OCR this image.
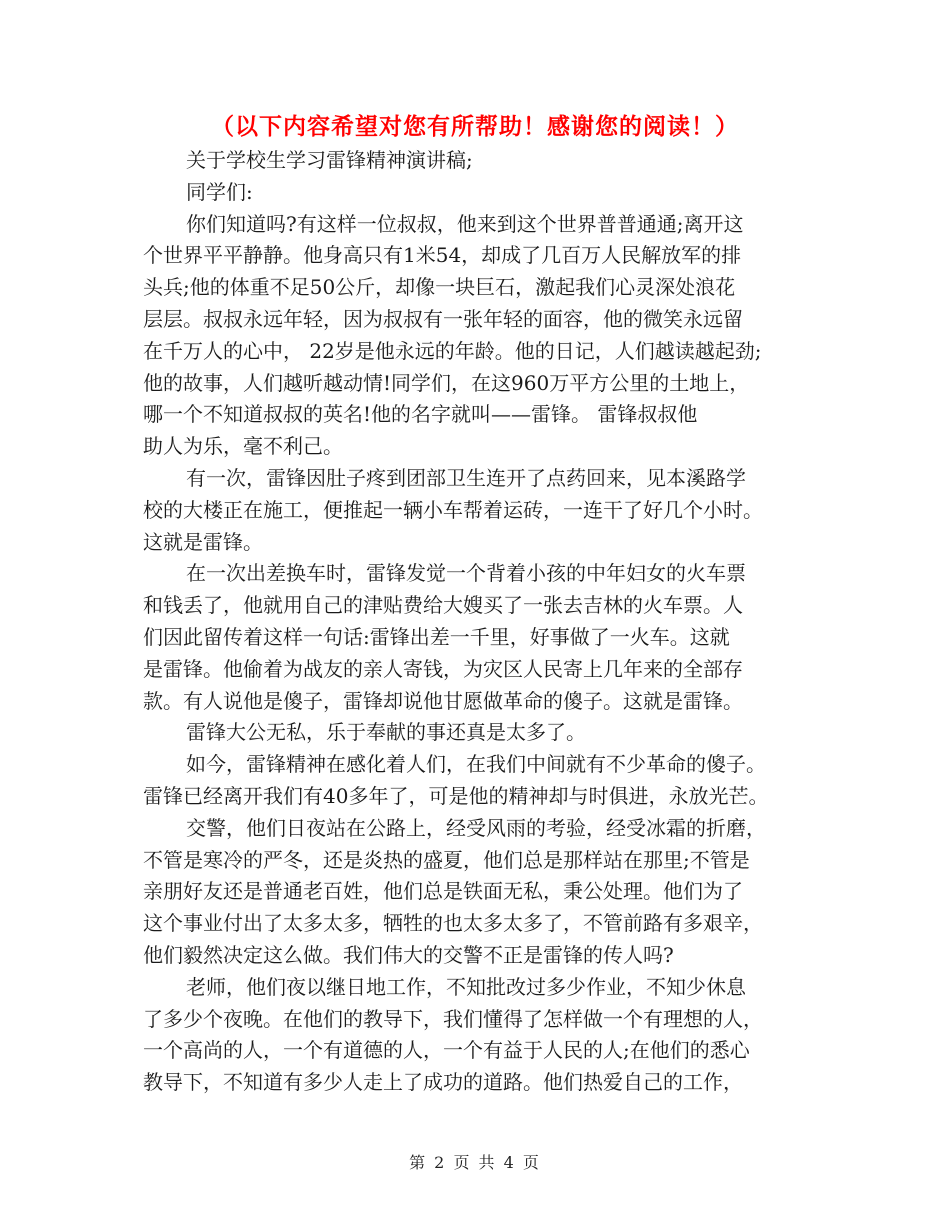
（以下内容希望对您有所帮助！感谢您的阅读！）
关于学校生学习雷锋精神演讲稿;
同学们:
你们知道吗?有这样一位叔叔，他来到这个世界普普通通;离开这
个世界平平静静。他身高只有1米54，却成了几百万人民解放军的排
头兵;他的体重不足50公斤，却像一块巨石，激起我们心灵深处浪花
层层。叔叔永远年轻，因为叔叔有一张年轻的面容，他的微笑永远留
在千万人的心中， 22岁是他永远的年龄。他的日记，人们越读越起劲;
他的故事，人们越听越动情!同学们，在这960万平方公里的土地上，
哪一个不知道叔叔的英名!他的名字就叫——雷锋。 雷锋叔叔他
助人为乐，毫不利己。
有一次，雷锋因肚子疼到团部卫生连开了点药回来，见本溪路学
校的大楼正在施工，便推起一辆小车帮着运砖，一连干了好几个小时。
这就是雷锋。
在一次出差换车时，雷锋发觉一个背着小孩的中年妇女的火车票
和钱丢了，他就用自己的津贴费给大嫂买了一张去吉林的火车票。人
们因此留传着这样一句话:雷锋出差一千里，好事做了一火车。这就
是雷锋。他偷着为战友的亲人寄钱，为灾区人民寄上几年来的全部存
款。有人说他是傻子，雷锋却说他甘愿做革命的傻子。这就是雷锋。
雷锋大公无私，乐于奉献的事还真是太多了。
如今，雷锋精神在感化着人们，在我们中间就有不少革命的傻子。
雷锋已经离开我们有40多年了，可是他的精神却与时俱进，永放光芒。
交警，他们日夜站在公路上，经受风雨的考验，经受冰霜的折磨，
不管是寒冷的严冬，还是炎热的盛夏，他们总是那样站在那里;不管是
亲朋好友还是普通老百姓，他们总是铁面无私，秉公处理。他们为了
这个事业付出了太多太多，牺牲的也太多太多了，不管前路有多艰辛，
他们毅然决定这么做。我们伟大的交警不正是雷锋的传人吗?
老师，他们夜以继日地工作，不知批改过多少作业，不知少休息
了多少个夜晚。在他们的教导下，我们懂得了怎样做一个有理想的人，
一个高尚的人，一个有道德的人，一个有益于人民的人;在他们的悉心
教导下，不知道有多少人走上了成功的道路。他们热爱自己的工作，
第 2 页 共 4 页
